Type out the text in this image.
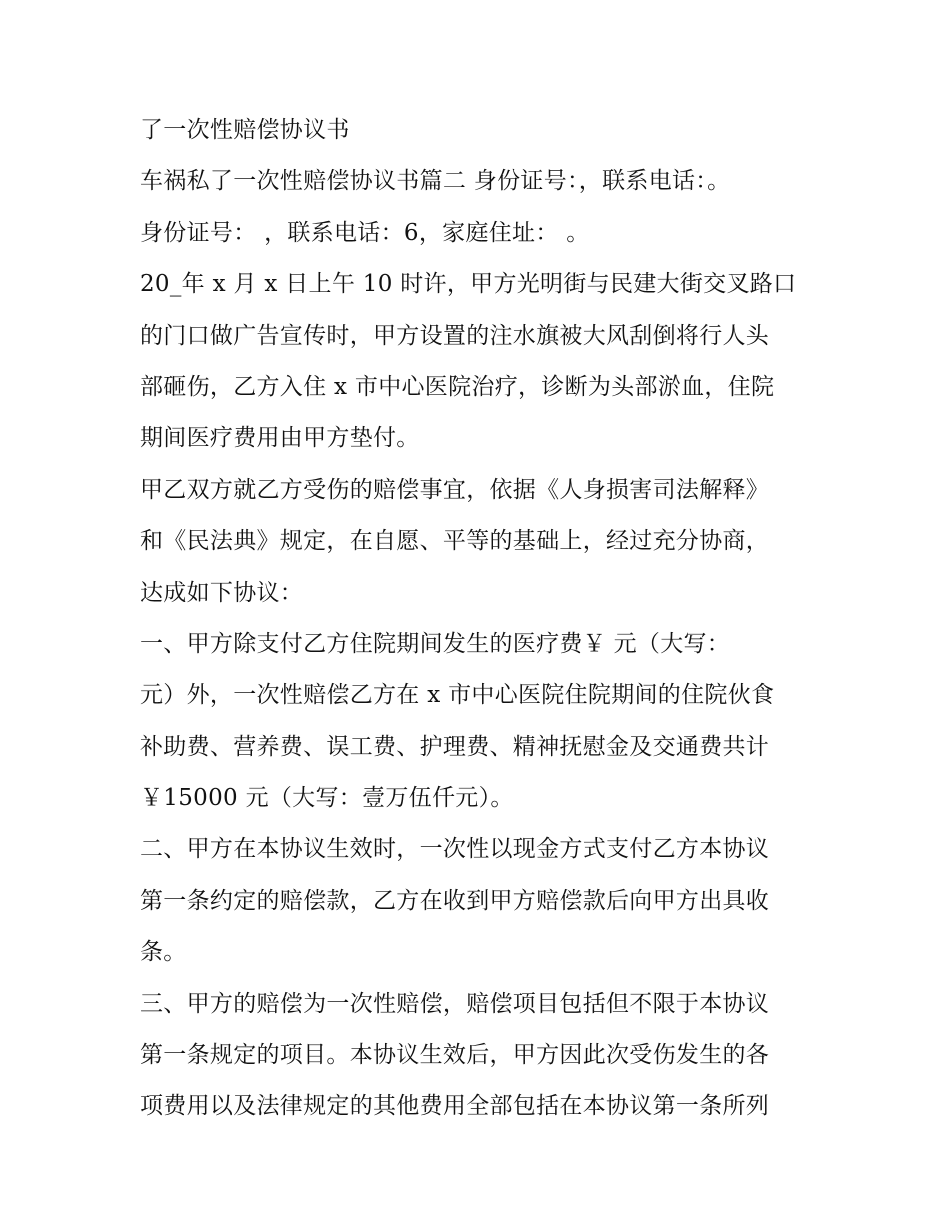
了一次性赔偿协议书
车祸私了一次性赔偿协议书篇二 身份证号：，联系电话：。
身份证号： ，联系电话：6，家庭住址： 。
20_年 x 月 x 日上午 10 时许，甲方光明街与民建大街交叉路口
的门口做广告宣传时，甲方设置的注水旗被大风刮倒将行人头
部砸伤，乙方入住 x 市中心医院治疗，诊断为头部淤血，住院
期间医疗费用由甲方垫付。
甲乙双方就乙方受伤的赔偿事宜，依据《人身损害司法解释》
和《民法典》规定，在自愿、平等的基础上，经过充分协商，
达成如下协议：
一、甲方除支付乙方住院期间发生的医疗费￥ 元（大写：
元）外，一次性赔偿乙方在 x 市中心医院住院期间的住院伙食
补助费、营养费、误工费、护理费、精神抚慰金及交通费共计
￥15000 元（大写：壹万伍仟元）。
二、甲方在本协议生效时，一次性以现金方式支付乙方本协议
第一条约定的赔偿款，乙方在收到甲方赔偿款后向甲方出具收
条。
三、甲方的赔偿为一次性赔偿，赔偿项目包括但不限于本协议
第一条规定的项目。本协议生效后，甲方因此次受伤发生的各
项费用以及法律规定的其他费用全部包括在本协议第一条所列
